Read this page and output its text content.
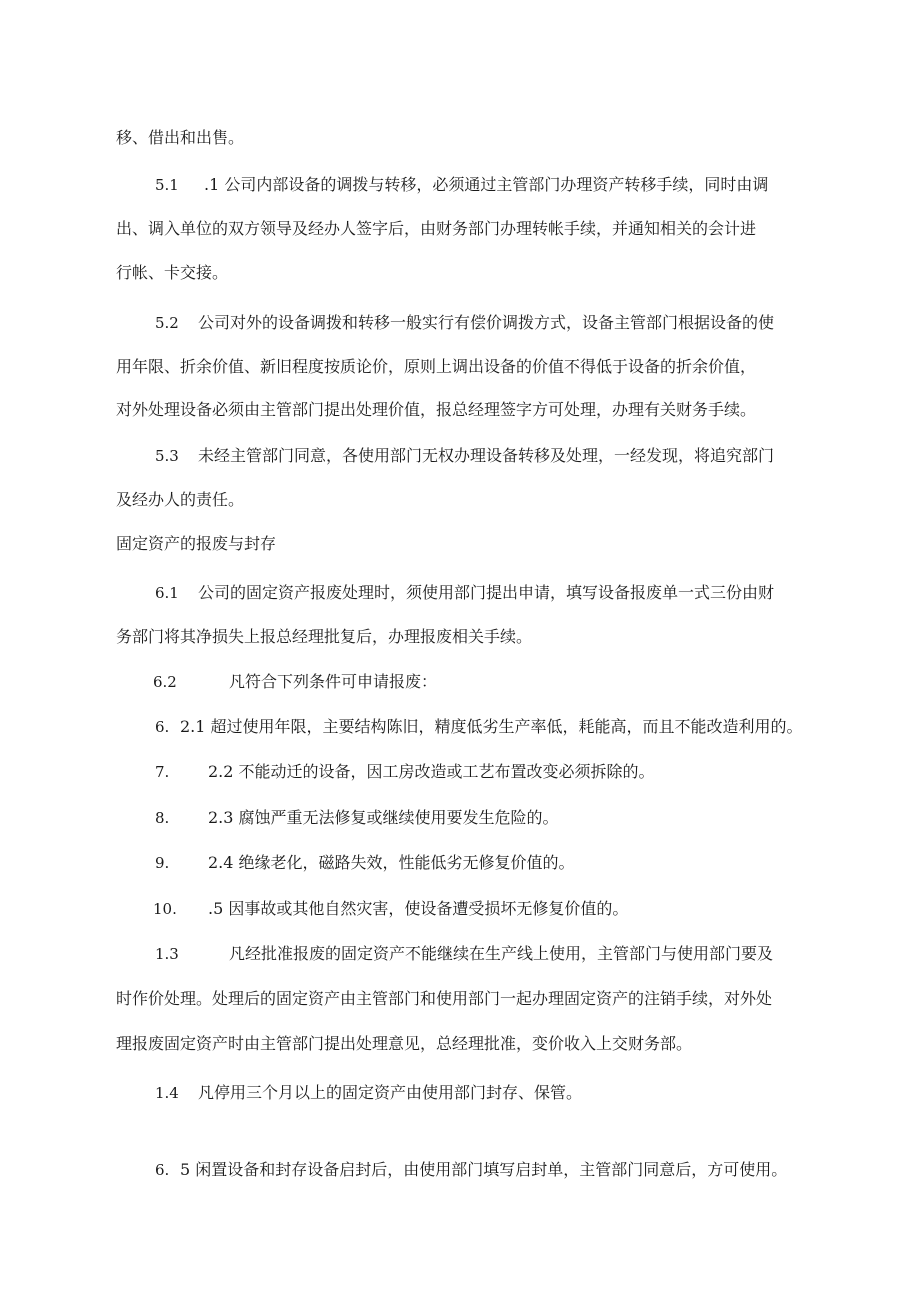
移、借出和出售。
5.1 .1 公司内部设备的调拨与转移，必须通过主管部门办理资产转移手续，同时由调
出、调入单位的双方领导及经办人签字后，由财务部门办理转帐手续，并通知相关的会计进
行帐、卡交接。
5.2 公司对外的设备调拨和转移一般实行有偿价调拨方式，设备主管部门根据设备的使
用年限、折余价值、新旧程度按质论价，原则上调出设备的价值不得低于设备的折余价值，
对外处理设备必须由主管部门提出处理价值，报总经理签字方可处理，办理有关财务手续。
5.3 未经主管部门同意，各使用部门无权办理设备转移及处理，一经发现，将追究部门
及经办人的责任。
固定资产的报废与封存
6.1 公司的固定资产报废处理时，须使用部门提出申请，填写设备报废单一式三份由财
务部门将其净损失上报总经理批复后，办理报废相关手续。
6.2	凡符合下列条件可申请报废：
6. 2.1 超过使用年限，主要结构陈旧，精度低劣生产率低，耗能高，而且不能改造利用的。
7. 2.2 不能动迁的设备，因工房改造或工艺布置改变必须拆除的。
8. 2.3 腐蚀严重无法修复或继续使用要发生危险的。
9. 2.4 绝缘老化，磁路失效，性能低劣无修复价值的。
10. .5 因事故或其他自然灾害，使设备遭受损坏无修复价值的。
1.3	凡经批准报废的固定资产不能继续在生产线上使用，主管部门与使用部门要及
时作价处理。处理后的固定资产由主管部门和使用部门一起办理固定资产的注销手续，对外处
理报废固定资产时由主管部门提出处理意见，总经理批准，变价收入上交财务部。
1.4 凡停用三个月以上的固定资产由使用部门封存、保管。
6. 5 闲置设备和封存设备启封后，由使用部门填写启封单，主管部门同意后，方可使用。
